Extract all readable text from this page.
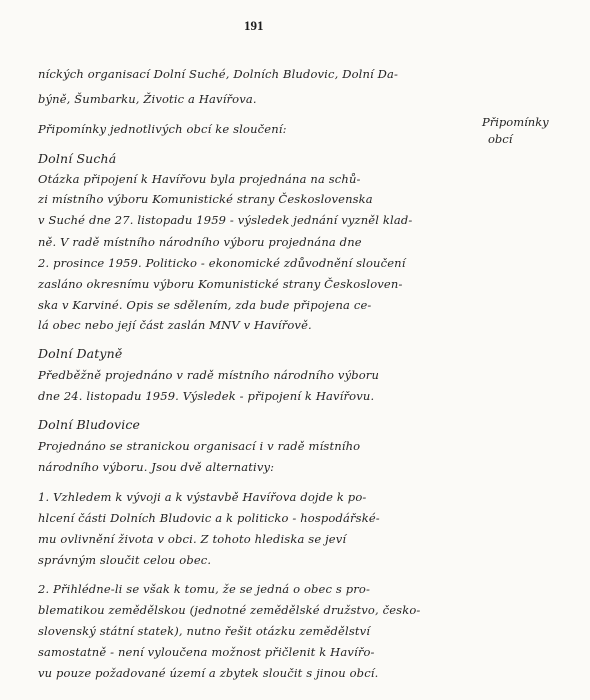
191
Připomínky
obcí
níckých organisací Dolní Suché, Dolních Bludovic, Dolní Da-
býně, Šumbarku, Životic a Havířova.
Připomínky jednotlivých obcí ke sloučení:
Dolní Suchá
Otázka připojení k Havířovu byla projednána na schů-
zi místního výboru Komunistické strany Československa
v Suché dne 27. listopadu 1959 - výsledek jednání vyzněl klad-
ně. V radě místního národního výboru projednána dne
2. prosince 1959. Politicko - ekonomické zdůvodnění sloučení
zasláno okresnímu výboru Komunistické strany Českosloven-
ska v Karviné. Opis se sdělením, zda bude připojena ce-
lá obec nebo její část zaslán MNV v Havířově.
Dolní Datyně
Předběžně projednáno v radě místního národního výboru
dne 24. listopadu 1959. Výsledek - připojení k Havířovu.
Dolní Bludovice
Projednáno se stranickou organisací i v radě místního
národního výboru. Jsou dvě alternativy:
1. Vzhledem k vývoji a k výstavbě Havířova dojde k po-
hlcení části Dolních Bludovic a k politicko - hospodářské-
mu ovlivnění života v obci. Z tohoto hlediska se jeví
správným sloučit celou obec.
2. Přihlédne-li se však k tomu, že se jedná o obec s pro-
blematikou zemědělskou (jednotné zemědělské družstvo, česko-
slovenský státní statek), nutno řešit otázku zemědělství
samostatně - není vyloučena možnost přičlenit k Havířo-
vu pouze požadované území a zbytek sloučit s jinou obcí.
